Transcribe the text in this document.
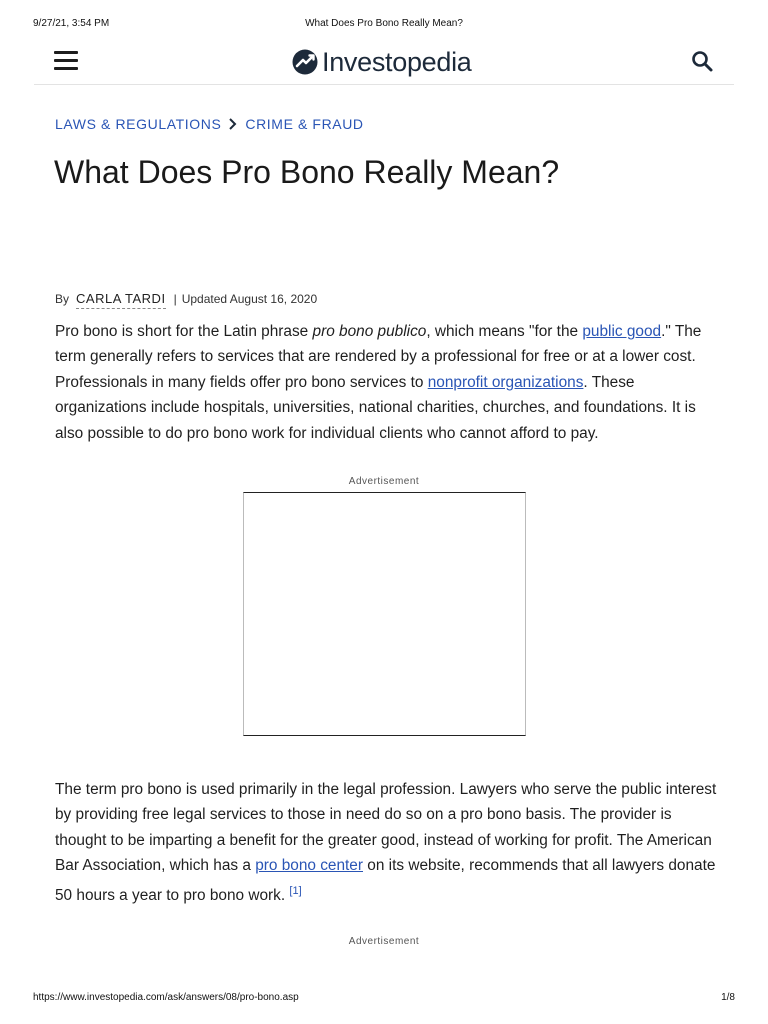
9/27/21, 3:54 PM	What Does Pro Bono Really Mean?
Investopedia
LAWS & REGULATIONS CRIME & FRAUD
What Does Pro Bono Really Mean?
By CARLA TARDI | Updated August 16, 2020

Pro bono is short for the Latin phrase pro bono publico, which means "for the public good." The term generally refers to services that are rendered by a professional for free or at a lower cost. Professionals in many fields offer pro bono services to nonprofit organizations. These organizations include hospitals, universities, national charities, churches, and foundations. It is also possible to do pro bono work for individual clients who cannot afford to pay.

Advertisement

The term pro bono is used primarily in the legal profession. Lawyers who serve the public interest by providing free legal services to those in need do so on a pro bono basis. The provider is thought to be imparting a benefit for the greater good, instead of working for profit. The American Bar Association, which has a pro bono center on its website, recommends that all lawyers donate 50 hours a year to pro bono work. [1]

Advertisement
https://www.investopedia.com/ask/answers/08/pro-bono.asp	1/8
